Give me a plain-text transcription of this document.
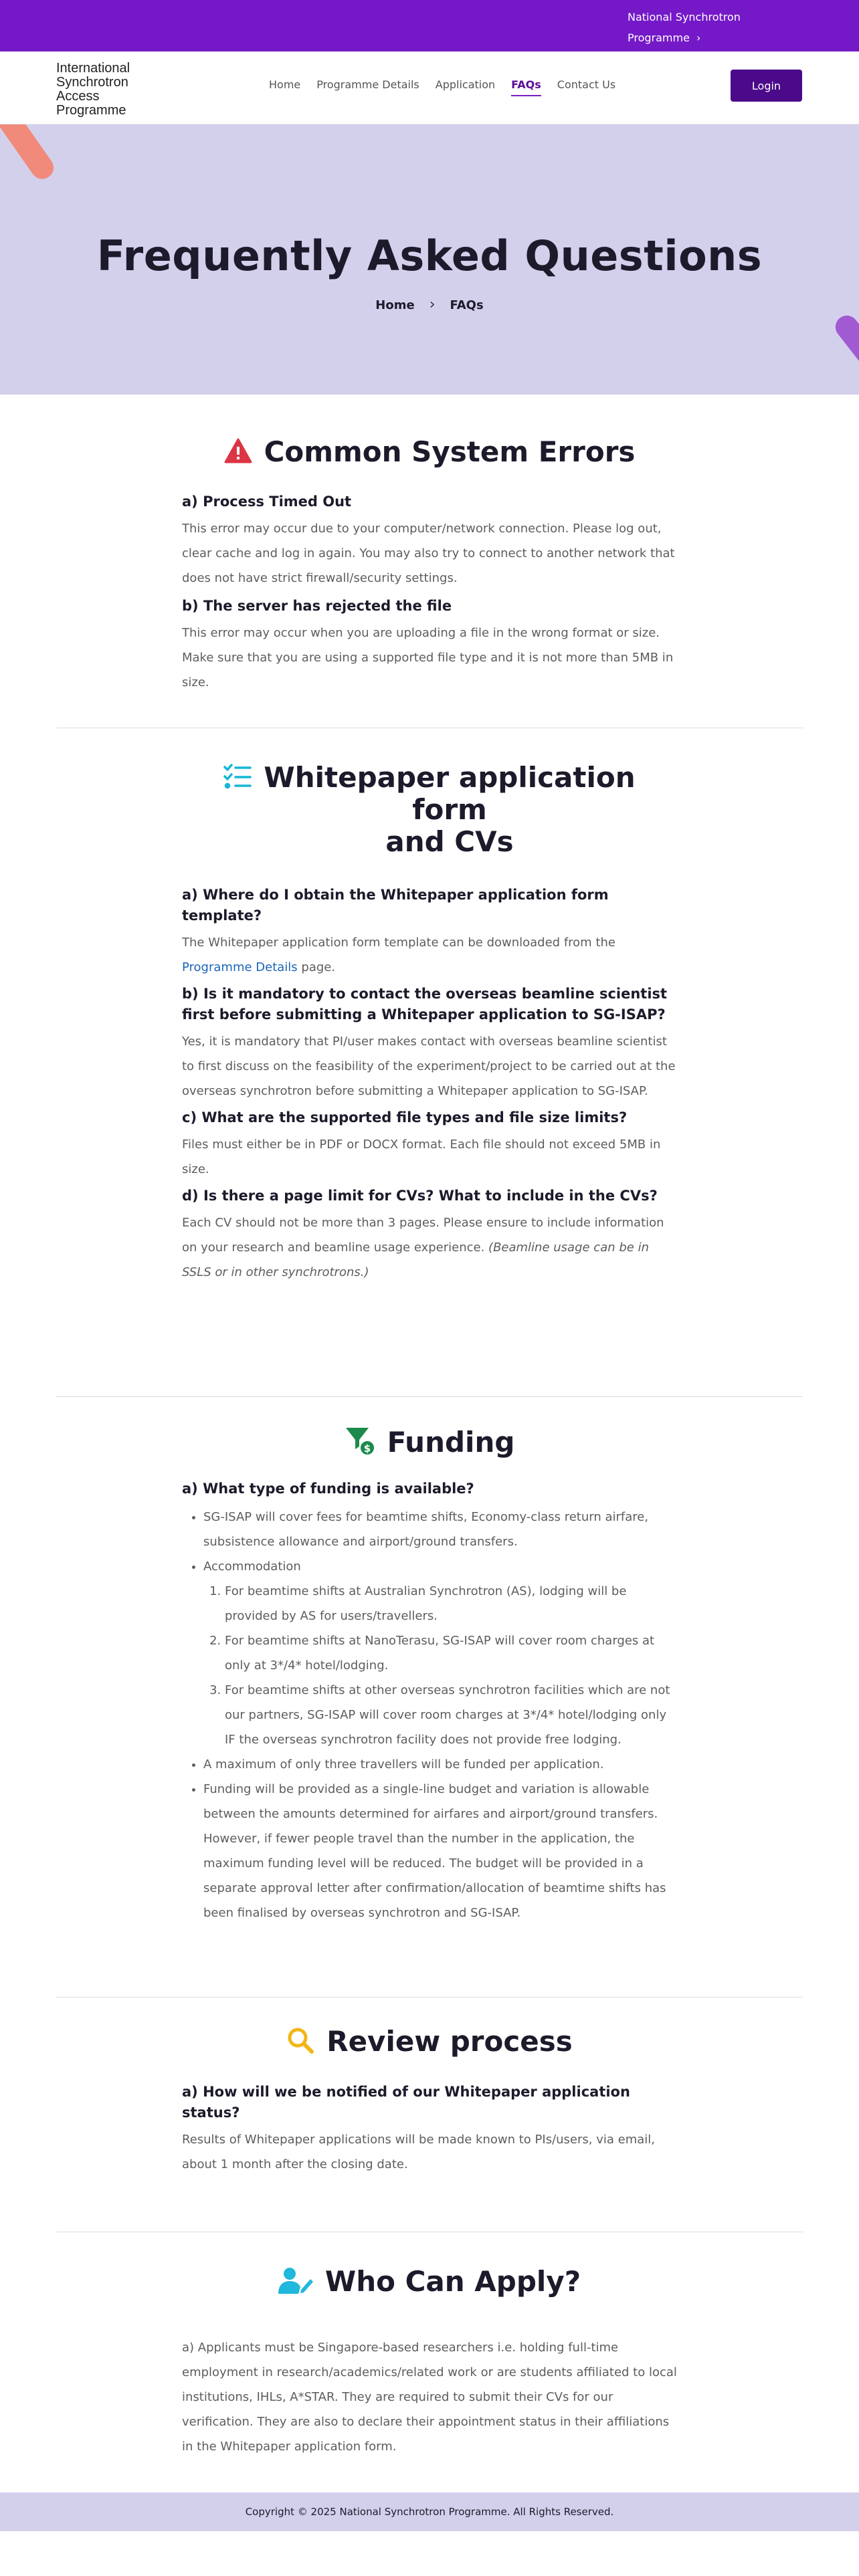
National Synchrotron Programme ›
International Synchrotron Access Programme
Home Programme Details Application FAQs Contact Us	Login
Frequently Asked Questions
Home › FAQs
Common System Errors
a) Process Timed Out

This error may occur due to your computer/network connection. Please log out, clear cache and log in again. You may also try to connect to another network that does not have strict firewall/security settings.

b) The server has rejected the file

This error may occur when you are uploading a file in the wrong format or size. Make sure that you are using a supported file type and it is not more than 5MB in size.

Whitepaper application
form
and CVs
a) Where do I obtain the Whitepaper application form template?

The Whitepaper application form template can be downloaded from the Programme Details page.

b) Is it mandatory to contact the overseas beamline scientist first before submitting a Whitepaper application to SG-ISAP?

Yes, it is mandatory that PI/user makes contact with overseas beamline scientist to first discuss on the feasibility of the experiment/project to be carried out at the overseas synchrotron before submitting a Whitepaper application to SG-ISAP.

c) What are the supported file types and file size limits?

Files must either be in PDF or DOCX format. Each file should not exceed 5MB in size.

d) Is there a page limit for CVs? What to include in the CVs?

Each CV should not be more than 3 pages. Please ensure to include information on your research and beamline usage experience. (Beamline usage can be in SSLS or in other synchrotrons.)

$ Funding
a) What type of funding is available?
• SG-ISAP will cover fees for beamtime shifts, Economy-class return airfare, subsistence allowance and airport/ground transfers.
• Accommodation
1. For beamtime shifts at Australian Synchrotron (AS), lodging will be provided by AS for users/travellers.
2. For beamtime shifts at NanoTerasu, SG-ISAP will cover room charges at only at 3*/4* hotel/lodging.
3. For beamtime shifts at other overseas synchrotron facilities which are not our partners, SG-ISAP will cover room charges at 3*/4* hotel/lodging only IF the overseas synchrotron facility does not provide free lodging.
• A maximum of only three travellers will be funded per application.
• Funding will be provided as a single-line budget and variation is allowable between the amounts determined for airfares and airport/ground transfers. However, if fewer people travel than the number in the application, the maximum funding level will be reduced. The budget will be provided in a separate approval letter after confirmation/allocation of beamtime shifts has been finalised by overseas synchrotron and SG-ISAP.
Review process
a) How will we be notified of our Whitepaper application status?

Results of Whitepaper applications will be made known to PIs/users, via email, about 1 month after the closing date.

Who Can Apply?

a) Applicants must be Singapore-based researchers i.e. holding full-time employment in research/academics/related work or are students affiliated to local institutions, IHLs, A*STAR. They are required to submit their CVs for our verification. They are also to declare their appointment status in their affiliations in the Whitepaper application form.

Copyright © 2025 National Synchrotron Programme. All Rights Reserved.
